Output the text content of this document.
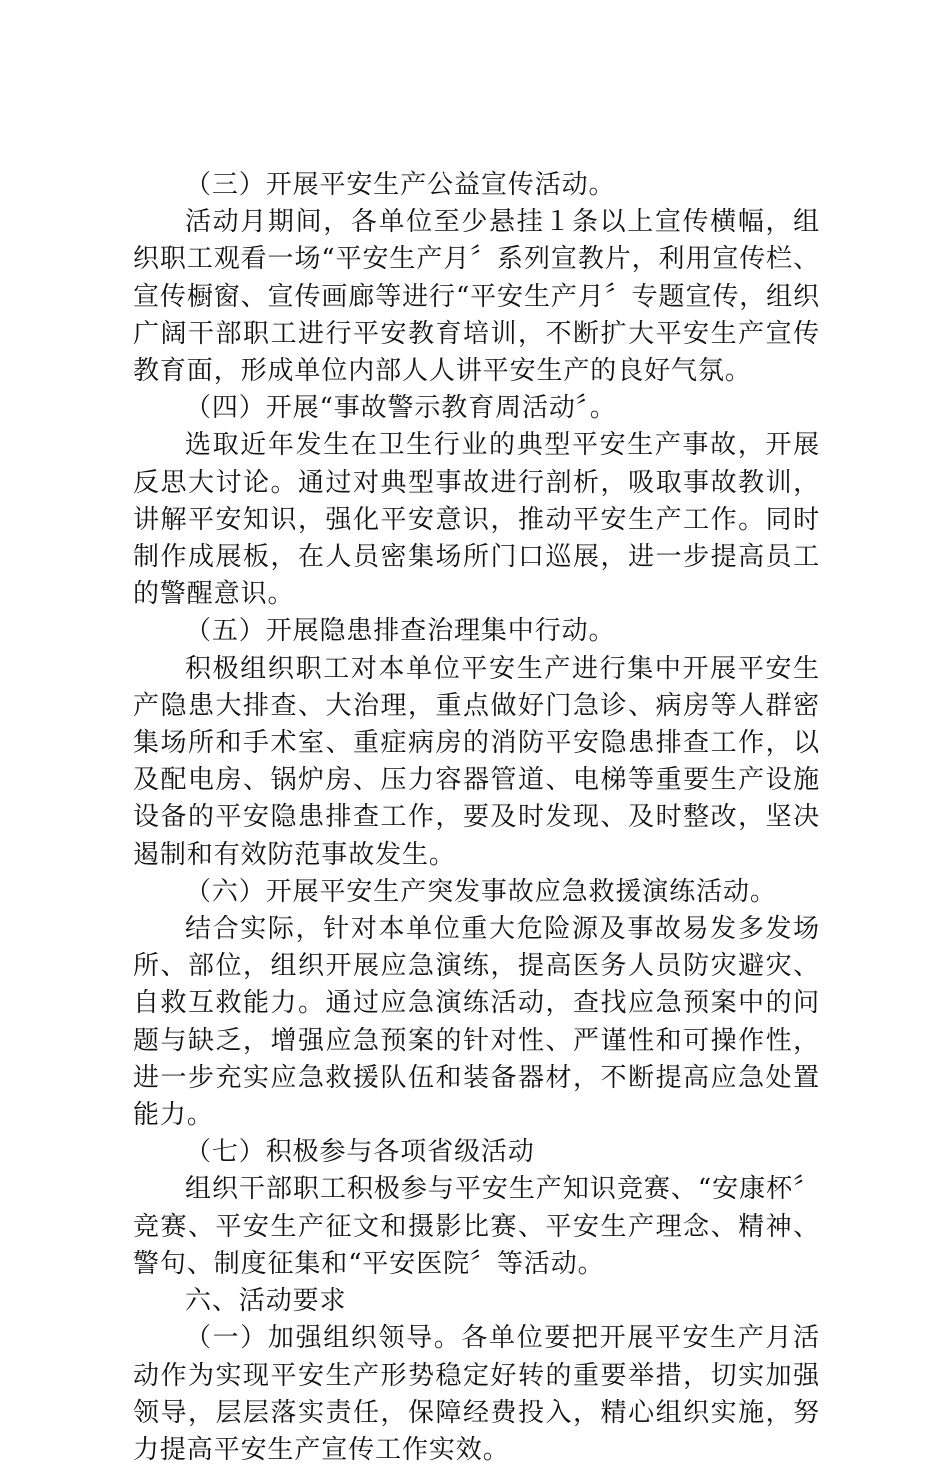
（三）开展平安生产公益宣传活动。

活动月期间，各单位至少悬挂１条以上宣传横幅，组织职工观看一场“平安生产月〞系列宣教片，利用宣传栏、宣传橱窗、宣传画廊等进行“平安生产月〞专题宣传，组织广阔干部职工进行平安教育培训，不断扩大平安生产宣传教育面，形成单位内部人人讲平安生产的良好气氛。

（四）开展“事故警示教育周活动〞。

选取近年发生在卫生行业的典型平安生产事故，开展反思大讨论。通过对典型事故进行剖析，吸取事故教训，讲解平安知识，强化平安意识，推动平安生产工作。同时制作成展板，在人员密集场所门口巡展，进一步提高员工的警醒意识。

（五）开展隐患排查治理集中行动。

积极组织职工对本单位平安生产进行集中开展平安生产隐患大排查、大治理，重点做好门急诊、病房等人群密集场所和手术室、重症病房的消防平安隐患排查工作，以及配电房、锅炉房、压力容器管道、电梯等重要生产设施设备的平安隐患排查工作，要及时发现、及时整改，坚决遏制和有效防范事故发生。

（六）开展平安生产突发事故应急救援演练活动。

结合实际，针对本单位重大危险源及事故易发多发场所、部位，组织开展应急演练，提高医务人员防灾避灾、自救互救能力。通过应急演练活动，查找应急预案中的问题与缺乏，增强应急预案的针对性、严谨性和可操作性，进一步充实应急救援队伍和装备器材，不断提高应急处置能力。

（七）积极参与各项省级活动

组织干部职工积极参与平安生产知识竞赛、“安康杯〞竞赛、平安生产征文和摄影比赛、平安生产理念、精神、警句、制度征集和“平安医院〞等活动。

六、活动要求

（一）加强组织领导。各单位要把开展平安生产月活动作为实现平安生产形势稳定好转的重要举措，切实加强领导，层层落实责任，保障经费投入，精心组织实施，努力提高平安生产宣传工作实效。
